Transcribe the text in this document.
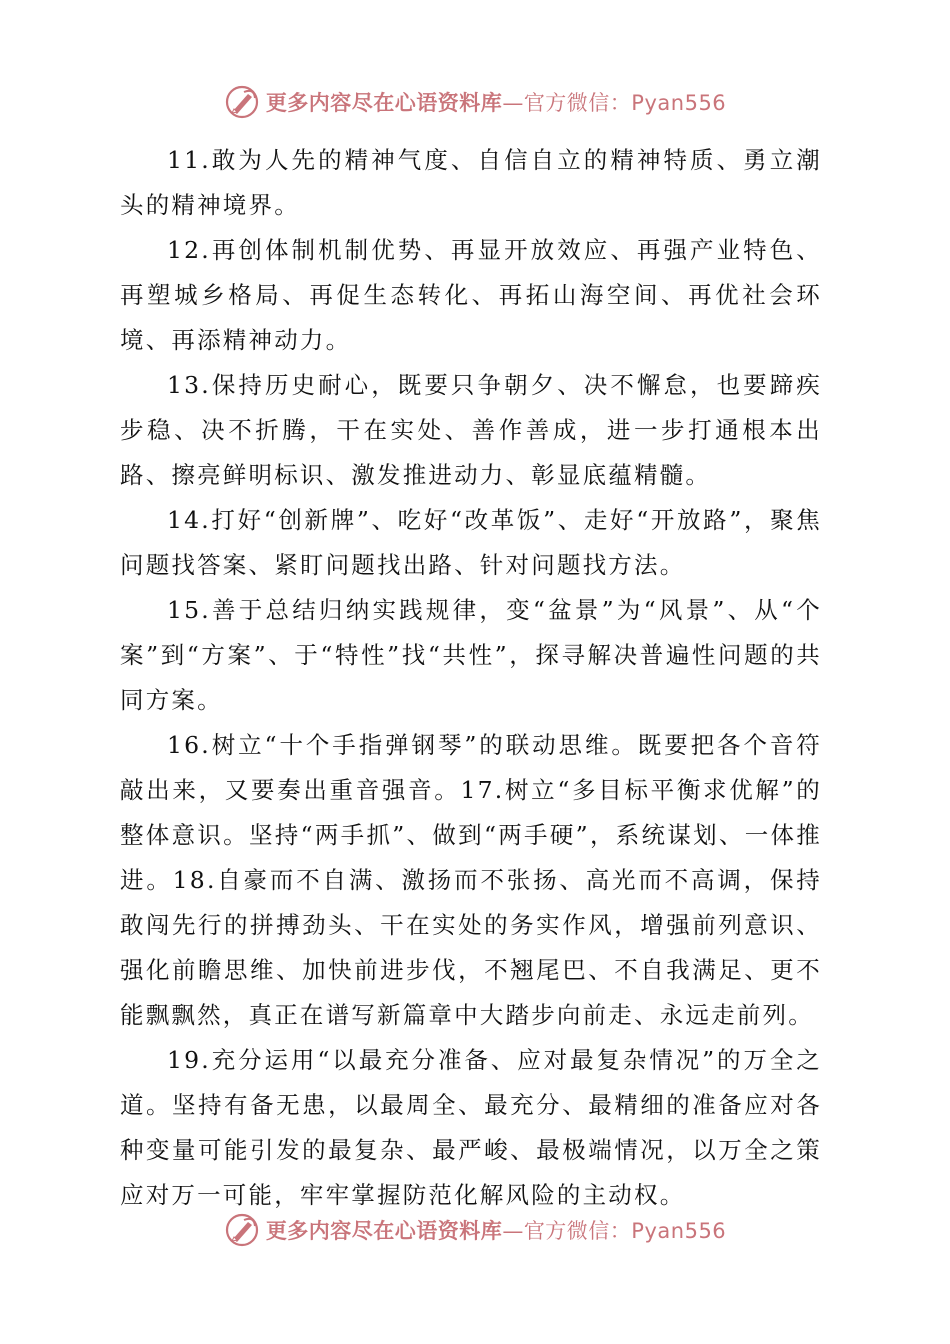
更多内容尽在心语资料库—官方微信：Pyan556

11.敢为人先的精神气度、自信自立的精神特质、勇立潮头的精神境界。

12.再创体制机制优势、再显开放效应、再强产业特色、再塑城乡格局、再促生态转化、再拓山海空间、再优社会环境、再添精神动力。

13.保持历史耐心，既要只争朝夕、决不懈怠，也要蹄疾步稳、决不折腾，干在实处、善作善成，进一步打通根本出路、擦亮鲜明标识、激发推进动力、彰显底蕴精髓。

14.打好“创新牌”、吃好“改革饭”、走好“开放路”，聚焦问题找答案、紧盯问题找出路、针对问题找方法。

15.善于总结归纳实践规律，变“盆景”为“风景”、从“个案”到“方案”、于“特性”找“共性”，探寻解决普遍性问题的共同方案。

16.树立“十个手指弹钢琴”的联动思维。既要把各个音符敲出来，又要奏出重音强音。17.树立“多目标平衡求优解”的整体意识。坚持“两手抓”、做到“两手硬”，系统谋划、一体推进。18.自豪而不自满、激扬而不张扬、高光而不高调，保持敢闯先行的拼搏劲头、干在实处的务实作风，增强前列意识、强化前瞻思维、加快前进步伐，不翘尾巴、不自我满足、更不能飘飘然，真正在谱写新篇章中大踏步向前走、永远走前列。

19.充分运用“以最充分准备、应对最复杂情况”的万全之道。坚持有备无患，以最周全、最充分、最精细的准备应对各种变量可能引发的最复杂、最严峻、最极端情况，以万全之策应对万一可能，牢牢掌握防范化解风险的主动权。

更多内容尽在心语资料库—官方微信：Pyan556
